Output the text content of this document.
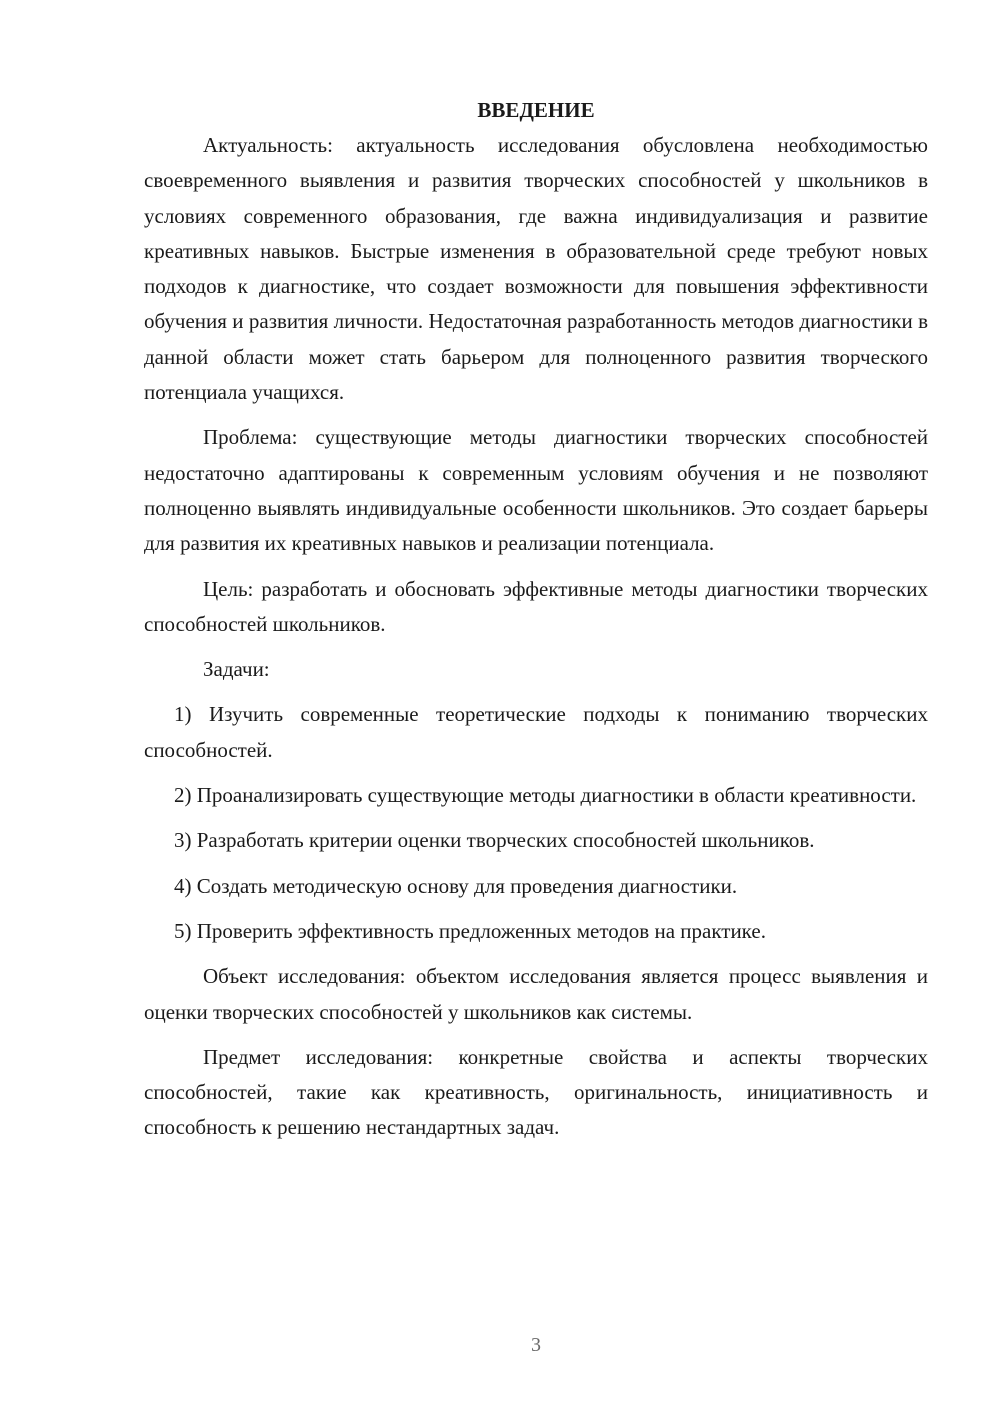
ВВЕДЕНИЕ

Актуальность: актуальность исследования обусловлена необходимостью своевременного выявления и развития творческих способностей у школьников в условиях современного образования, где важна индивидуализация и развитие креативных навыков. Быстрые изменения в образовательной среде требуют новых подходов к диагностике, что создает возможности для повышения эффективности обучения и развития личности. Недостаточная разработанность методов диагностики в данной области может стать барьером для полноценного развития творческого потенциала учащихся.

Проблема: существующие методы диагностики творческих способностей недостаточно адаптированы к современным условиям обучения и не позволяют полноценно выявлять индивидуальные особенности школьников. Это создает барьеры для развития их креативных навыков и реализации потенциала.

Цель: разработать и обосновать эффективные методы диагностики творческих способностей школьников.

Задачи:

1) Изучить современные теоретические подходы к пониманию творческих способностей.

2) Проанализировать существующие методы диагностики в области креативности.

3) Разработать критерии оценки творческих способностей школьников.

4) Создать методическую основу для проведения диагностики.

5) Проверить эффективность предложенных методов на практике.

Объект исследования: объектом исследования является процесс выявления и оценки творческих способностей у школьников как системы.

Предмет исследования: конкретные свойства и аспекты творческих способностей, такие как креативность, оригинальность, инициативность и способность к решению нестандартных задач.

3
